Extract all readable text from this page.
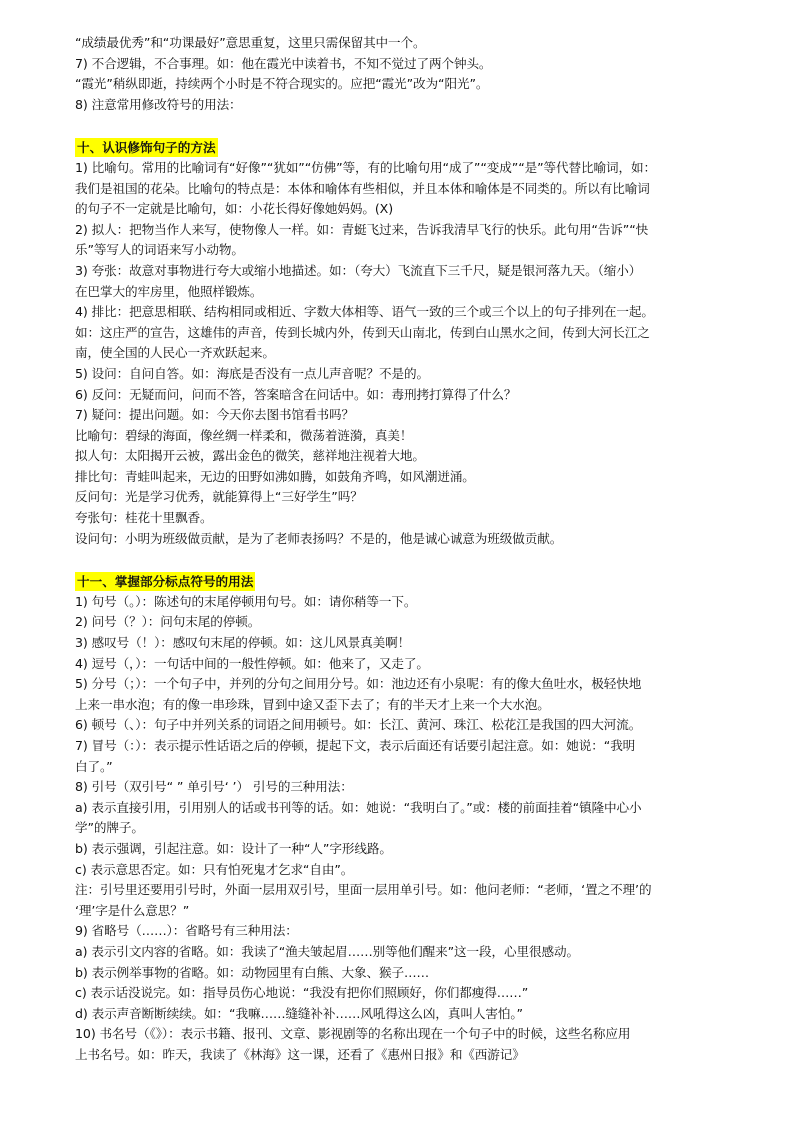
“成绩最优秀”和“功课最好”意思重复，这里只需保留其中一个。
7) 不合逻辑，不合事理。如：他在霞光中读着书，不知不觉过了两个钟头。
“霞光”稍纵即逝，持续两个小时是不符合现实的。应把“霞光”改为“阳光”。
8) 注意常用修改符号的用法：
十、认识修饰句子的方法
1) 比喻句。常用的比喻词有“好像”“犹如”“仿佛”等，有的比喻句用“成了”“变成”“是”等代替比喻词，如：
我们是祖国的花朵。比喻句的特点是：本体和喻体有些相似，并且本体和喻体是不同类的。所以有比喻词
的句子不一定就是比喻句，如：小花长得好像她妈妈。(X)
2) 拟人：把物当作人来写，使物像人一样。如：青蜓飞过来，告诉我清早飞行的快乐。此句用“告诉”“快
乐”等写人的词语来写小动物。
3) 夸张：故意对事物进行夸大或缩小地描述。如：（夸大）飞流直下三千尺，疑是银河落九天。（缩小）
在巴掌大的牢房里，他照样锻炼。
4) 排比：把意思相联、结构相同或相近、字数大体相等、语气一致的三个或三个以上的句子排列在一起。
如：这庄严的宣告，这雄伟的声音，传到长城内外，传到天山南北，传到白山黑水之间，传到大河长江之
南，使全国的人民心一齐欢跃起来。
5) 设问：自问自答。如：海底是否没有一点儿声音呢？不是的。
6) 反问：无疑而问，问而不答，答案暗含在问话中。如：毒刑拷打算得了什么？
7) 疑问：提出问题。如：今天你去图书馆看书吗？
比喻句：碧绿的海面，像丝绸一样柔和，微荡着涟漪，真美！
拟人句：太阳揭开云被，露出金色的微笑，慈祥地注视着大地。
排比句：青蛙叫起来，无边的田野如沸如腾，如鼓角齐鸣，如风潮迸涌。
反问句：光是学习优秀，就能算得上“三好学生”吗？
夸张句：桂花十里飘香。
设问句：小明为班级做贡献，是为了老师表扬吗？不是的，他是诚心诚意为班级做贡献。
十一、掌握部分标点符号的用法
1) 句号（。）：陈述句的末尾停顿用句号。如：请你稍等一下。
2) 问号（？）：问句末尾的停顿。
3) 感叹号（！）：感叹句末尾的停顿。如：这儿风景真美啊！
4) 逗号（，）：一句话中间的一般性停顿。如：他来了，又走了。
5) 分号（；）：一个句子中，并列的分句之间用分号。如：池边还有小泉呢：有的像大鱼吐水，极轻快地
上来一串水泡；有的像一串珍珠，冒到中途又歪下去了；有的半天才上来一个大水泡。
6) 顿号（、）：句子中并列关系的词语之间用顿号。如：长江、黄河、珠江、松花江是我国的四大河流。
7) 冒号（：）：表示提示性话语之后的停顿，提起下文，表示后面还有话要引起注意。如：她说：“我明
白了。”
8) 引号（双引号“ ” 单引号‘ ’） 引号的三种用法：
a) 表示直接引用，引用别人的话或书刊等的话。如：她说：“我明白了。”或：楼的前面挂着“镇隆中心小
学”的牌子。
b) 表示强调，引起注意。如：设计了一种“人”字形线路。
c) 表示意思否定。如：只有怕死鬼才乞求“自由”。
注：引号里还要用引号时，外面一层用双引号，里面一层用单引号。如：他问老师：“老师，‘置之不理’的
‘理’字是什么意思？”
9) 省略号（……）：省略号有三种用法：
a) 表示引文内容的省略。如：我读了“渔夫皱起眉……别等他们醒来”这一段，心里很感动。
b) 表示例举事物的省略。如：动物园里有白熊、大象、猴子……
c) 表示话没说完。如：指导员伤心地说：“我没有把你们照顾好，你们都瘦得……”
d) 表示声音断断续续。如：“我嘛……缝缝补补……风吼得这么凶，真叫人害怕。”
10) 书名号（《》）：表示书籍、报刊、文章、影视剧等的名称出现在一个句子中的时候，这些名称应用
上书名号。如：昨天，我读了《林海》这一课，还看了《惠州日报》和《西游记》
